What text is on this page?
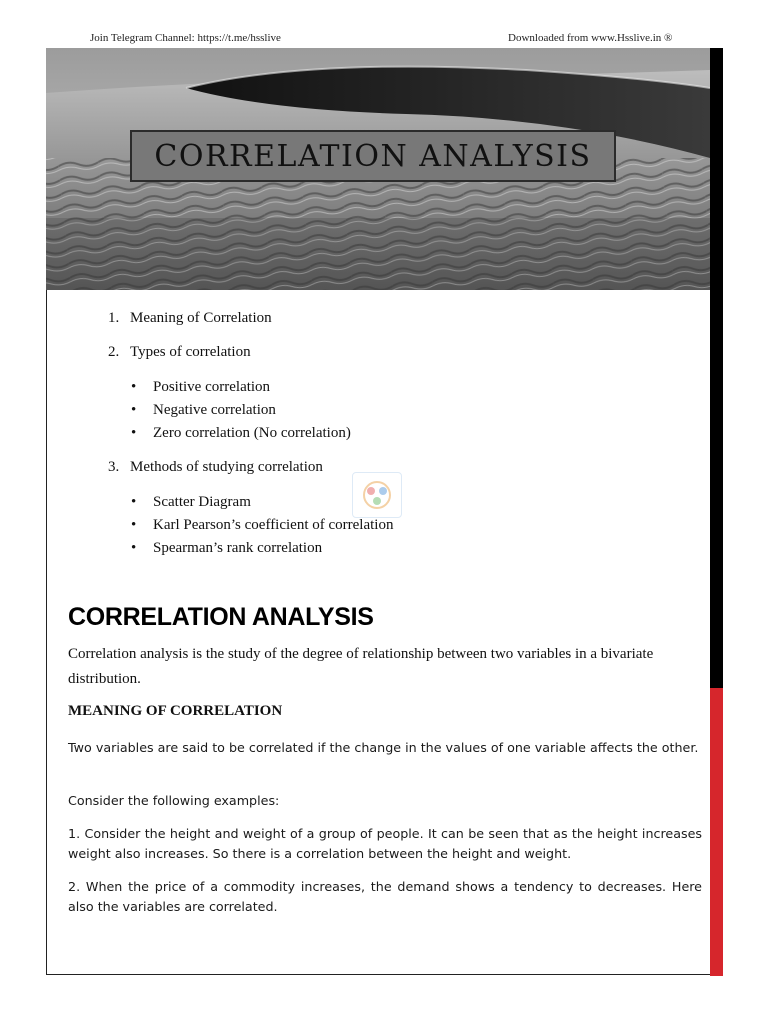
Join Telegram Channel: https://t.me/hsslive	Downloaded from www.Hsslive.in ®
CORRELATION ANALYSIS
1. Meaning of Correlation
2. Types of correlation
• Positive correlation
• Negative correlation
• Zero correlation (No correlation)
3. Methods of studying correlation
• Scatter Diagram
• Karl Pearson’s coefficient of correlation
• Spearman’s rank correlation
CORRELATION ANALYSIS
Correlation analysis is the study of the degree of relationship between two variables in a bivariate distribution.
MEANING OF CORRELATION
Two variables are said to be correlated if the change in the values of one variable affects the other.
Consider the following examples:
1. Consider the height and weight of a group of people. It can be seen that as the height increases weight also increases. So there is a correlation between the height and weight.
2. When the price of a commodity increases, the demand shows a tendency to decreases. Here also the variables are correlated.
